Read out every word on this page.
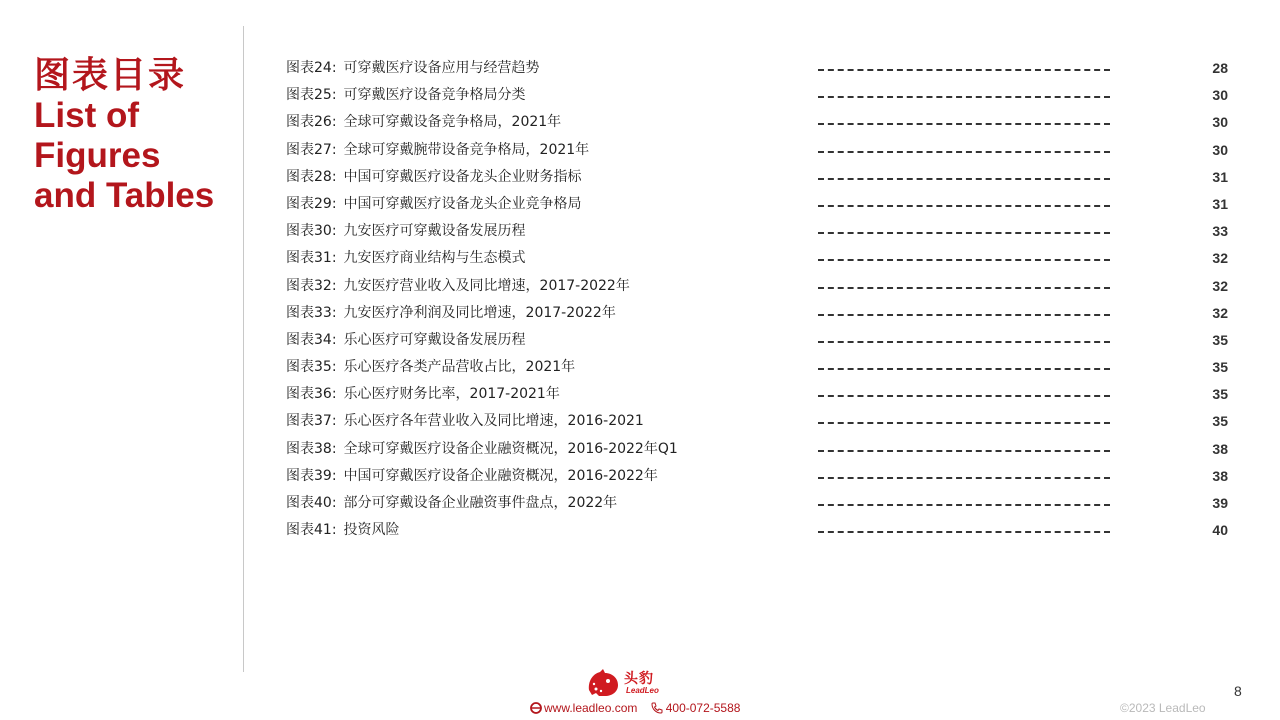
图表目录
List of
Figures
and Tables
图表24: 可穿戴医疗设备应用与经营趋势	28
图表25: 可穿戴医疗设备竞争格局分类	30
图表26: 全球可穿戴设备竞争格局，2021年	30
图表27: 全球可穿戴腕带设备竞争格局，2021年	30
图表28: 中国可穿戴医疗设备龙头企业财务指标	31
图表29: 中国可穿戴医疗设备龙头企业竞争格局	31
图表30: 九安医疗可穿戴设备发展历程	33
图表31: 九安医疗商业结构与生态模式	32
图表32: 九安医疗营业收入及同比增速，2017-2022年	32
图表33: 九安医疗净利润及同比增速，2017-2022年	32
图表34: 乐心医疗可穿戴设备发展历程	35
图表35: 乐心医疗各类产品营收占比，2021年	35
图表36: 乐心医疗财务比率，2017-2021年	35
图表37: 乐心医疗各年营业收入及同比增速，2016-2021	35
图表38: 全球可穿戴医疗设备企业融资概况，2016-2022年Q1	38
图表39: 中国可穿戴医疗设备企业融资概况，2016-2022年	38
图表40: 部分可穿戴设备企业融资事件盘点，2022年	39
图表41: 投资风险	40
头豹
LeadLeo
www.leadleo.com 400-072-5588
8
©2023 LeadLeo
